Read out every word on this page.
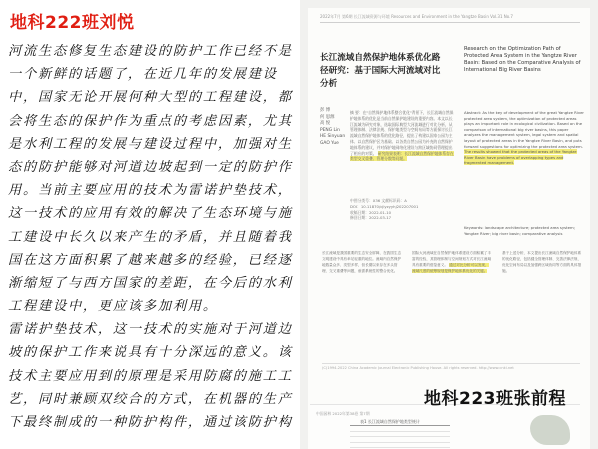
地科222班刘悦
河流生态修复生态建设的防护工作已经不是
一个新鲜的话题了，在近几年的发展建设
中，国家无论开展何种大型的工程建设，都
会将生态的保护作为重点的考虑因素，尤其
是水利工程的发展与建设过程中，加强对生
态的防护能够对河道边坡起到一定的防护作
用。当前主要应用的技术为雷诺护垫技术，
这一技术的应用有效的解决了生态环境与施
工建设中长久以来产生的矛盾，并且随着我
国在这方面积累了越来越多的经验，已经逐
渐缩短了与西方国家的差距，在今后的水利
工程建设中，更应该多加利用。
雷诺护垫技术，这一技术的实施对于河道边
坡的保护工作来说具有十分深远的意义。该
技术主要应用到的原理是采用防腐的施工工
艺，同时兼顾双绞合的方式，在机器的生产
下最终制成的一种防护构件，通过该防护构
2022年7月 第6期 长江流域资源与环境 Resources and Environment in the Yangtze Basin Vol.31 No.7
长江流域自然保护地体系优化路径研究：基于国际大河流域对比分析
Research on the Optimization Path of Protected Area System in the Yangtze River Basin: Based on the Comparative Analysis of International Big River Basins
彭 博
何 思源
高 悦
PENG Lin
HE Sinyuan
GAO Yue
摘 要：在"自然保护地体系整合优化"背景下，长江流域自然保护地体系的优化是当前自然保护地建设的重要内容。本文以长江流域为研究对象，选取国际典型大河流域进行对比分析，从管理体制、法律法规、保护地类型与空间布局等方面探讨长江流域自然保护地体系的优化路径，提出了构建以国家公园为主体、以自然保护区为基础、以各类自然公园为补充的自然保护地体系的建议，并对保护地网络化建设与跨区域协同管理提出了相应的对策。 研究结果表明：长江流域自然保护地体系存在类型交叉重叠、管理分散等问题。
中图分类号：X36 文献标识码：A
DOI：10.11870/cjlyzyyhj202207001
收稿日期：2022-01-10
修回日期：2022-03-17
Abstract: As the key of development of the great Yangtze River protected area system, the optimization of protected areas plays an important role in ecological civilization. Based on the comparison of international big river basins, this paper analyzes the management system, legal system and spatial layout of protected areas in the Yangtze River Basin, and puts forward suggestions for optimizing the protected area system. The results showed that the protected areas of the Yangtze River Basin have problems of overlapping types and fragmented management.
Keywords: landscape architecture; protected area system; Yangtze River; big river basin; comparative analysis
长江流域是我国重要的生态安全屏障，在我国生态文明建设中具有举足轻重的地位。流域内自然保护地数量众多、类型多样，但长期以来存在多头管理、交叉重叠等问题，亟需系统性的整合优化。
国际大河流域在自然保护地体系建设方面积累了丰富的经验，其管理体制与空间规划方式对长江流域具有重要的借鉴意义。 通过对比分析可以发现，流域尺度的统筹规划是保护地体系优化的关键。
基于上述分析，本文提出长江流域自然保护地体系的优化路径，包括健全管理体制、完善法律法规、优化空间布局以及加强跨区域协同等方面的具体措施。
(C)1994-2022 China Academic Journal Electronic Publishing House. All rights reserved. http://www.cnki.net
中国园林 2022年第38卷 第7期
表1 长江流域自然保护地类型统计
地科223班张前程
